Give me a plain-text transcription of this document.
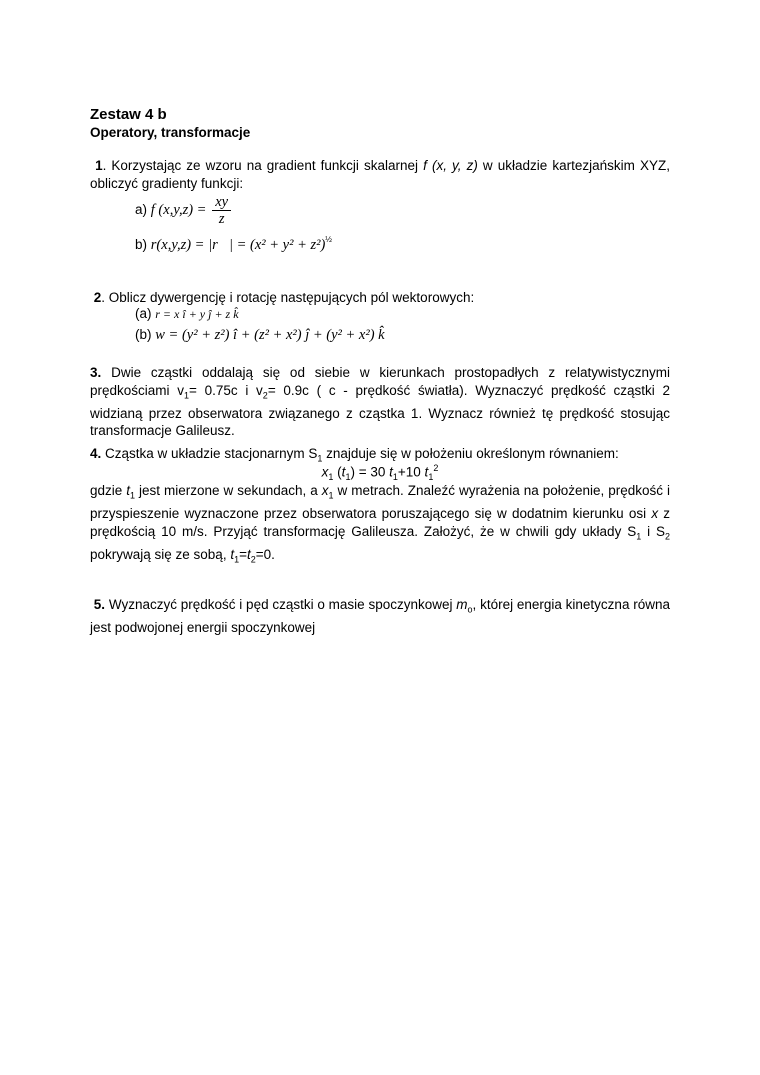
Zestaw 4 b
Operatory, transformacje
1. Korzystając ze wzoru na gradient funkcji skalarnej f (x, y, z) w układzie kartezjańskim XYZ, obliczyć gradienty funkcji:
a) f $(x,y,z) = \frac{xy}{z}$
b) r(x,y,z) = |r⃗| = $(x^2 + y^2 + z^2)^{\frac{1}{2}}$
2. Oblicz dywergencję i rotację następujących pól wektorowych:
(a) r = x î + y ĵ + z k̂
(b) w = (y² + z²) î + (z² + x²) ĵ + (y² + x²) k̂
3. Dwie cząstki oddalają się od siebie w kierunkach prostopadłych z relatywistycznymi prędkościami $v_1= 0.75c$ i $v_2= 0.9c$ ( c - prędkość światła). Wyznaczyć prędkość cząstki 2 widzianą przez obserwatora związanego z cząstka 1. Wyznacz również tę prędkość stosując transformacje Galileusz.
4. Cząstka w układzie stacjonarnym $S_1$ znajduje się w położeniu określonym równaniem:
$x_1$ $(t_1) = 30$ $t_1+10$ $t_1^2$
gdzie $t_1$ jest mierzone w sekundach, a $x_1$ w metrach. Znaleźć wyrażenia na położenie, prędkość i przyspieszenie wyznaczone przez obserwatora poruszającego się w dodatnim kierunku osi x z prędkością 10 m/s. Przyjąć transformację Galileusza. Założyć, że w chwili gdy układy $S_1$ i $S_2$ pokrywają się ze sobą, $t_1=t_2=0$.
5. Wyznaczyć prędkość i pęd cząstki o masie spoczynkowej $m_o$, której energia kinetyczna równa jest podwojonej energii spoczynkowej
